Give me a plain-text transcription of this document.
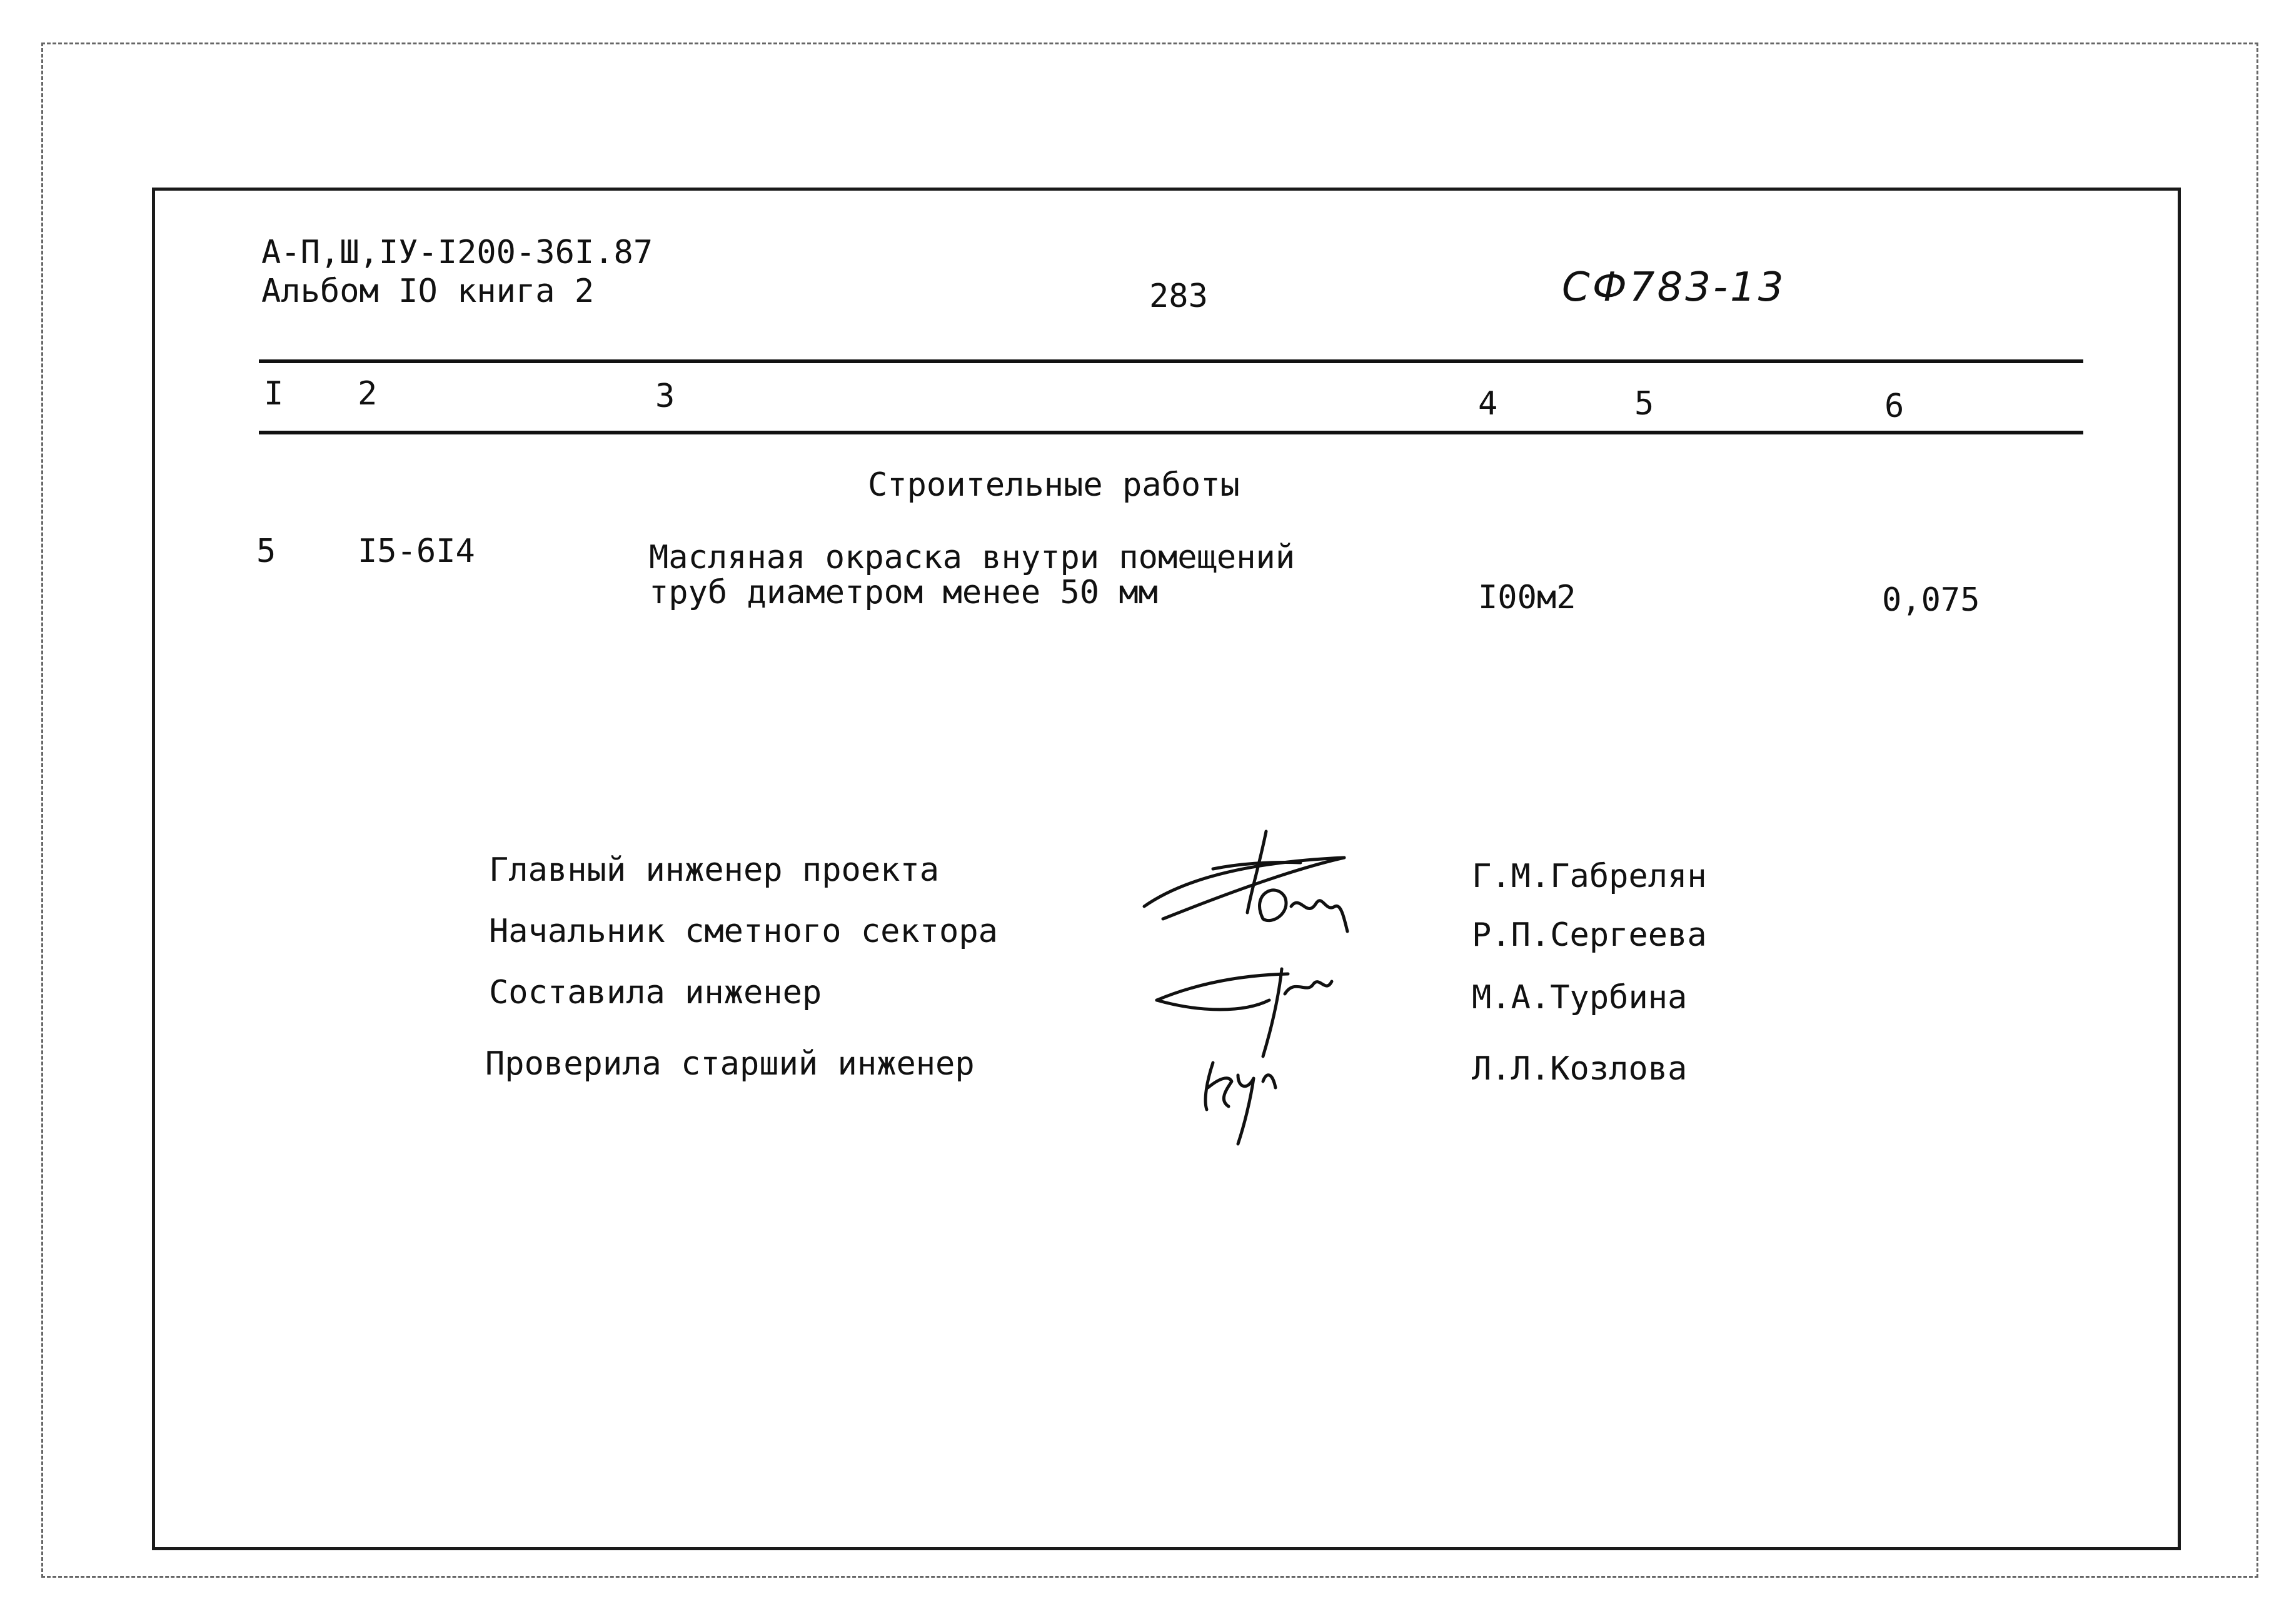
А-П,Ш,ІУ-І200-36І.87
Альбом ІО книга 2	283	СФ783-13
І 2	3	4	5	6
Строительные работы
5	І5-6І4	Масляная окраска внутри помещений
труб диаметром менее 50 мм	І00м2	0,075
Главный инженер проекта
Начальник сметного сектора
Составила инженер
Проверила старший инженер
Г.М.Габрелян
Р.П.Сергеева
М.А.Турбина
Л.Л.Козлова
